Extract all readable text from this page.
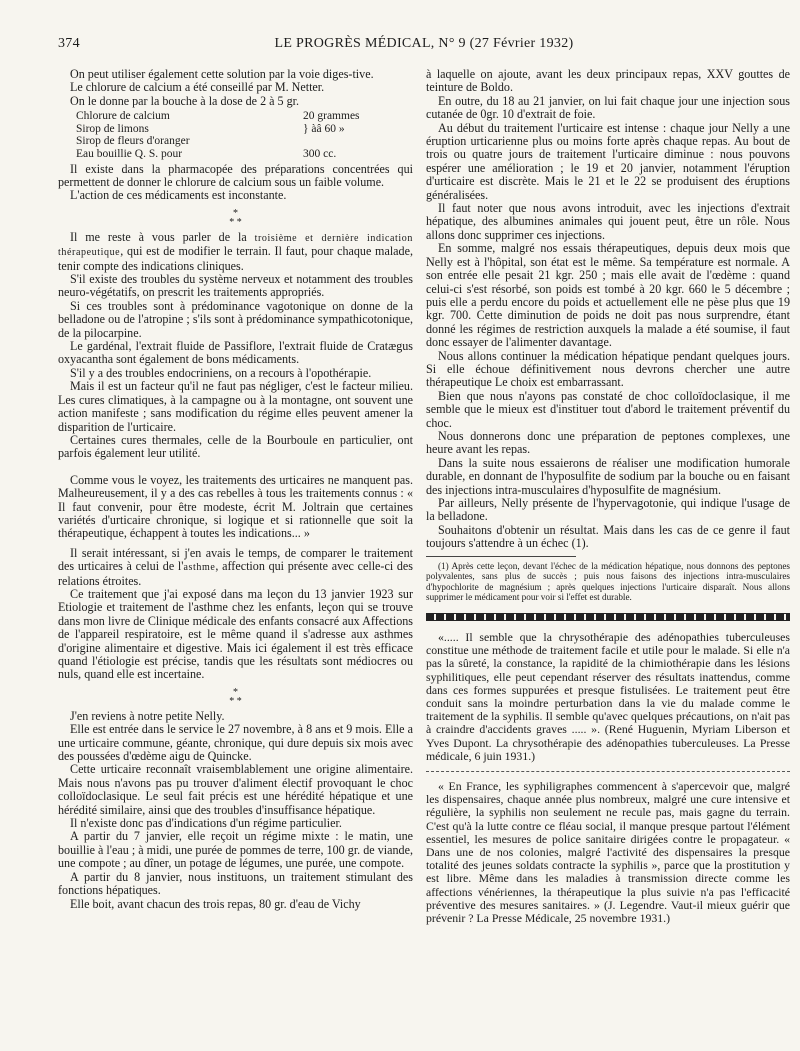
374	LE PROGRÈS MÉDICAL, N° 9 (27 Février 1932)

On peut utiliser également cette solution par la voie diges-tive.

Le chlorure de calcium a été conseillé par M. Netter.

On le donne par la bouche à la dose de 2 à 5 gr.

Chlorure de calcium	20 grammes
Sirop de limons	} àâ 60 »
Sirop de fleurs d'oranger
Eau bouillie Q. S. pour	300 cc.

Il existe dans la pharmacopée des préparations concentrées qui permettent de donner le chlorure de calcium sous un faible volume.

L'action de ces médicaments est inconstante.

*
* *

Il me reste à vous parler de la troisième et dernière indication thérapeutique, qui est de modifier le terrain. Il faut, pour chaque malade, tenir compte des indications cliniques.

S'il existe des troubles du système nerveux et notamment des troubles neuro-végétatifs, on prescrit les traitements appropriés.

Si ces troubles sont à prédominance vagotonique on donne de la belladone ou de l'atropine ; s'ils sont à prédominance sympathicotonique, de la pilocarpine.

Le gardénal, l'extrait fluide de Passiflore, l'extrait fluide de Cratægus oxyacantha sont également de bons médicaments.

S'il y a des troubles endocriniens, on a recours à l'opothérapie.

Mais il est un facteur qu'il ne faut pas négliger, c'est le facteur milieu. Les cures climatiques, à la campagne ou à la montagne, ont souvent une action manifeste ; sans modification du régime elles peuvent amener la disparition de l'urticaire.

Certaines cures thermales, celle de la Bourboule en particulier, ont parfois également leur utilité.

Comme vous le voyez, les traitements des urticaires ne manquent pas. Malheureusement, il y a des cas rebelles à tous les traitements connus : « Il faut convenir, pour être modeste, écrit M. Joltrain que certaines variétés d'urticaire chronique, si logique et si rationnelle que soit la thérapeutique, échappent à toutes les indications... »

Il serait intéressant, si j'en avais le temps, de comparer le traitement des urticaires à celui de l'asthme, affection qui présente avec celle-ci des relations étroites.

Ce traitement que j'ai exposé dans ma leçon du 13 janvier 1923 sur Etiologie et traitement de l'asthme chez les enfants, leçon qui se trouve dans mon livre de Clinique médicale des enfants consacré aux Affections de l'appareil respiratoire, est le même quand il s'adresse aux asthmes d'origine alimentaire et digestive. Mais ici également il est très efficace quand l'étiologie est précise, tandis que les résultats sont médiocres ou nuls, quand elle est incertaine.

*
* *

J'en reviens à notre petite Nelly.

Elle est entrée dans le service le 27 novembre, à 8 ans et 9 mois. Elle a une urticaire commune, géante, chronique, qui dure depuis six mois avec des poussées d'œdème aigu de Quincke.

Cette urticaire reconnaît vraisemblablement une origine alimentaire. Mais nous n'avons pas pu trouver d'aliment électif provoquant le choc colloïdoclasique. Le seul fait précis est une hérédité hépatique et une hérédité similaire, ainsi que des troubles d'insuffisance hépatique.

Il n'existe donc pas d'indications d'un régime particulier.

A partir du 7 janvier, elle reçoit un régime mixte : le matin, une bouillie à l'eau ; à midi, une purée de pommes de terre, 100 gr. de viande, une compote ; au dîner, un potage de légumes, une purée, une compote.

A partir du 8 janvier, nous instituons, un traitement stimulant des fonctions hépatiques.

Elle boit, avant chacun des trois repas, 80 gr. d'eau de Vichy

à laquelle on ajoute, avant les deux principaux repas, XXV gouttes de teinture de Boldo.

En outre, du 18 au 21 janvier, on lui fait chaque jour une injection sous cutanée de 0gr. 10 d'extrait de foie.

Au début du traitement l'urticaire est intense : chaque jour Nelly a une éruption urticarienne plus ou moins forte après chaque repas. Au bout de trois ou quatre jours de traitement l'urticaire diminue : nous pouvons espérer une amélioration ; le 19 et 20 janvier, notamment l'éruption d'urticaire est discrète. Mais le 21 et le 22 se produisent des éruptions généralisées.

Il faut noter que nous avons introduit, avec les injections d'extrait hépatique, des albumines animales qui jouent peut, être un rôle. Nous allons donc supprimer ces injections.

En somme, malgré nos essais thérapeutiques, depuis deux mois que Nelly est à l'hôpital, son état est le même. Sa température est normale. A son entrée elle pesait 21 kgr. 250 ; mais elle avait de l'œdème : quand celui-ci s'est résorbé, son poids est tombé à 20 kgr. 660 le 5 décembre ; puis elle a perdu encore du poids et actuellement elle ne pèse plus que 19 kgr. 700. Cette diminution de poids ne doit pas nous surprendre, étant donné les régimes de restriction auxquels la malade a été soumise, il faut donc essayer de l'alimenter davantage.

Nous allons continuer la médication hépatique pendant quelques jours. Si elle échoue définitivement nous devrons chercher une autre thérapeutique Le choix est embarrassant.

Bien que nous n'ayons pas constaté de choc colloïdoclasique, il me semble que le mieux est d'instituer tout d'abord le traitement préventif du choc.

Nous donnerons donc une préparation de peptones complexes, une heure avant les repas.

Dans la suite nous essaierons de réaliser une modification humorale durable, en donnant de l'hyposulfite de sodium par la bouche ou en faisant des injections intra-musculaires d'hyposulfite de magnésium.

Par ailleurs, Nelly présente de l'hypervagotonie, qui indique l'usage de la belladone.

Souhaitons d'obtenir un résultat. Mais dans les cas de ce genre il faut toujours s'attendre à un échec (1).

(1) Après cette leçon, devant l'échec de la médication hépatique, nous donnons des peptones polyvalentes, sans plus de succès ; puis nous faisons des injections intra-musculaires d'hypochlorite de magnésium ; après quelques injections l'urticaire disparaît. Nous allons supprimer le médicament pour voir si l'effet est durable.

«..... Il semble que la chrysothérapie des adénopathies tuberculeuses constitue une méthode de traitement facile et utile pour le malade. Si elle n'a pas la sûreté, la constance, la rapidité de la chimiothérapie dans les lésions syphilitiques, elle peut cependant réserver des résultats inattendus, comme dans ces formes suppurées et presque fistulisées. Le traitement peut être conduit sans la moindre perturbation dans la vie du malade comme le traitement de la syphilis. Il semble qu'avec quelques précautions, on n'ait pas à craindre d'accidents graves ..... ». (René Huguenin, Myriam Liberson et Yves Dupont. La chrysothérapie des adénopathies tuberculeuses. La Presse médicale, 6 juin 1931.)

« En France, les syphiligraphes commencent à s'apercevoir que, malgré les dispensaires, chaque année plus nombreux, malgré une cure intensive et régulière, la syphilis non seulement ne recule pas, mais gagne du terrain. C'est qu'à la lutte contre ce fléau social, il manque presque partout l'élément essentiel, les mesures de police sanitaire dirigées contre le propagateur. « Dans une de nos colonies, malgré l'activité des dispensaires la presque totalité des jeunes soldats contracte la syphilis », parce que la prostitution y est libre. Même dans les maladies à transmission directe comme les affections vénériennes, la thérapeutique la plus suivie n'a pas l'efficacité préventive des mesures sanitaires. » (J. Legendre. Vaut-il mieux guérir que prévenir ? La Presse Médicale, 25 novembre 1931.)
